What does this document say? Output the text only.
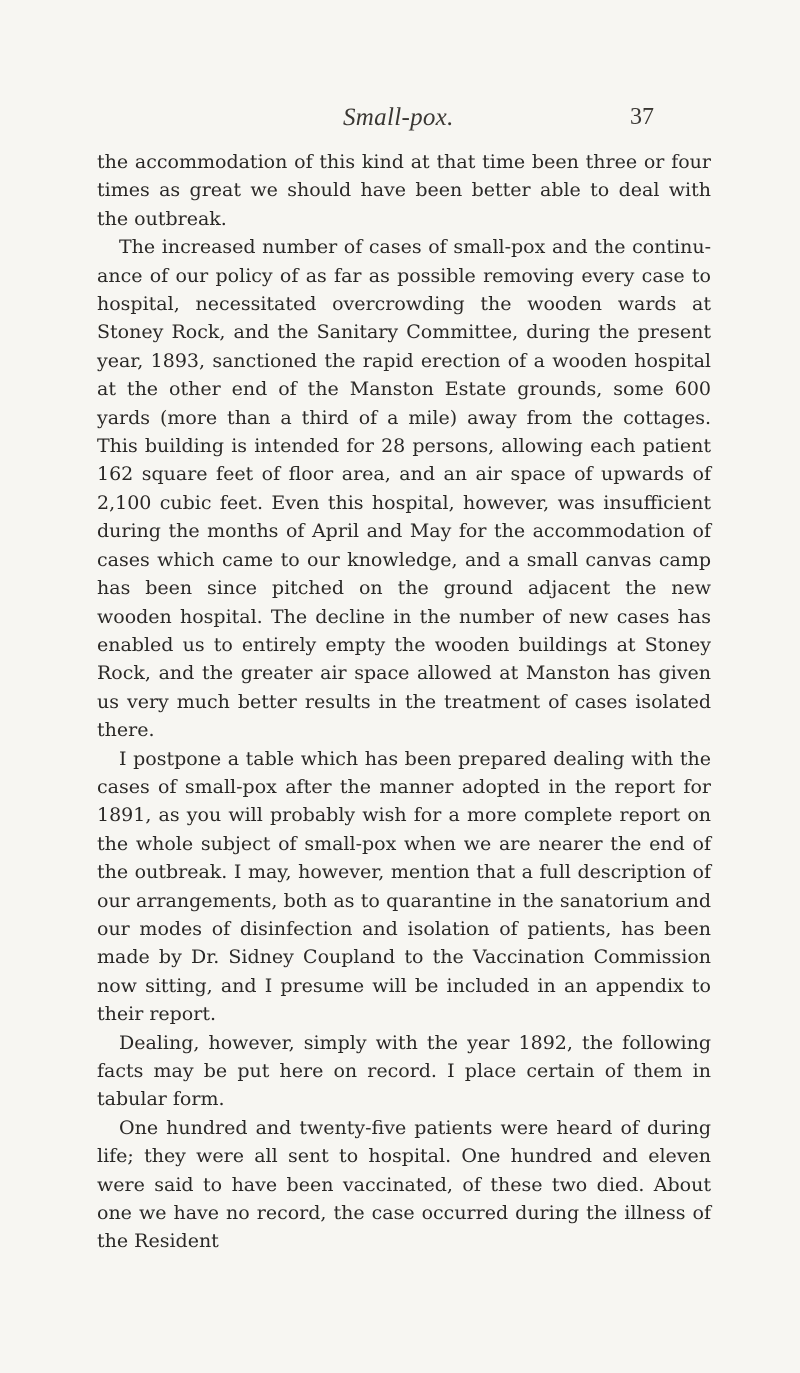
Small-pox.	37

the accommodation of this kind at that time been three or four times as great we should have been better able to deal with the outbreak.

The increased number of cases of small-pox and the continuance of our policy of as far as possible removing every case to hospital, necessitated overcrowding the wooden wards at Stoney Rock, and the Sanitary Committee, during the present year, 1893, sanctioned the rapid erection of a wooden hospital at the other end of the Manston Estate grounds, some 600 yards (more than a third of a mile) away from the cottages. This building is intended for 28 persons, allowing each patient 162 square feet of floor area, and an air space of upwards of 2,100 cubic feet. Even this hospital, however, was insufficient during the months of April and May for the accommodation of cases which came to our knowledge, and a small canvas camp has been since pitched on the ground adjacent the new wooden hospital. The decline in the number of new cases has enabled us to entirely empty the wooden buildings at Stoney Rock, and the greater air space allowed at Manston has given us very much better results in the treatment of cases isolated there.

I postpone a table which has been prepared dealing with the cases of small-pox after the manner adopted in the report for 1891, as you will probably wish for a more complete report on the whole subject of small-pox when we are nearer the end of the outbreak. I may, however, mention that a full description of our arrangements, both as to quarantine in the sanatorium and our modes of disinfection and isolation of patients, has been made by Dr. Sidney Coupland to the Vaccination Commission now sitting, and I presume will be included in an appendix to their report.

Dealing, however, simply with the year 1892, the following facts may be put here on record. I place certain of them in tabular form.

One hundred and twenty-five patients were heard of during life; they were all sent to hospital. One hundred and eleven were said to have been vaccinated, of these two died. About one we have no record, the case occurred during the illness of the Resident
